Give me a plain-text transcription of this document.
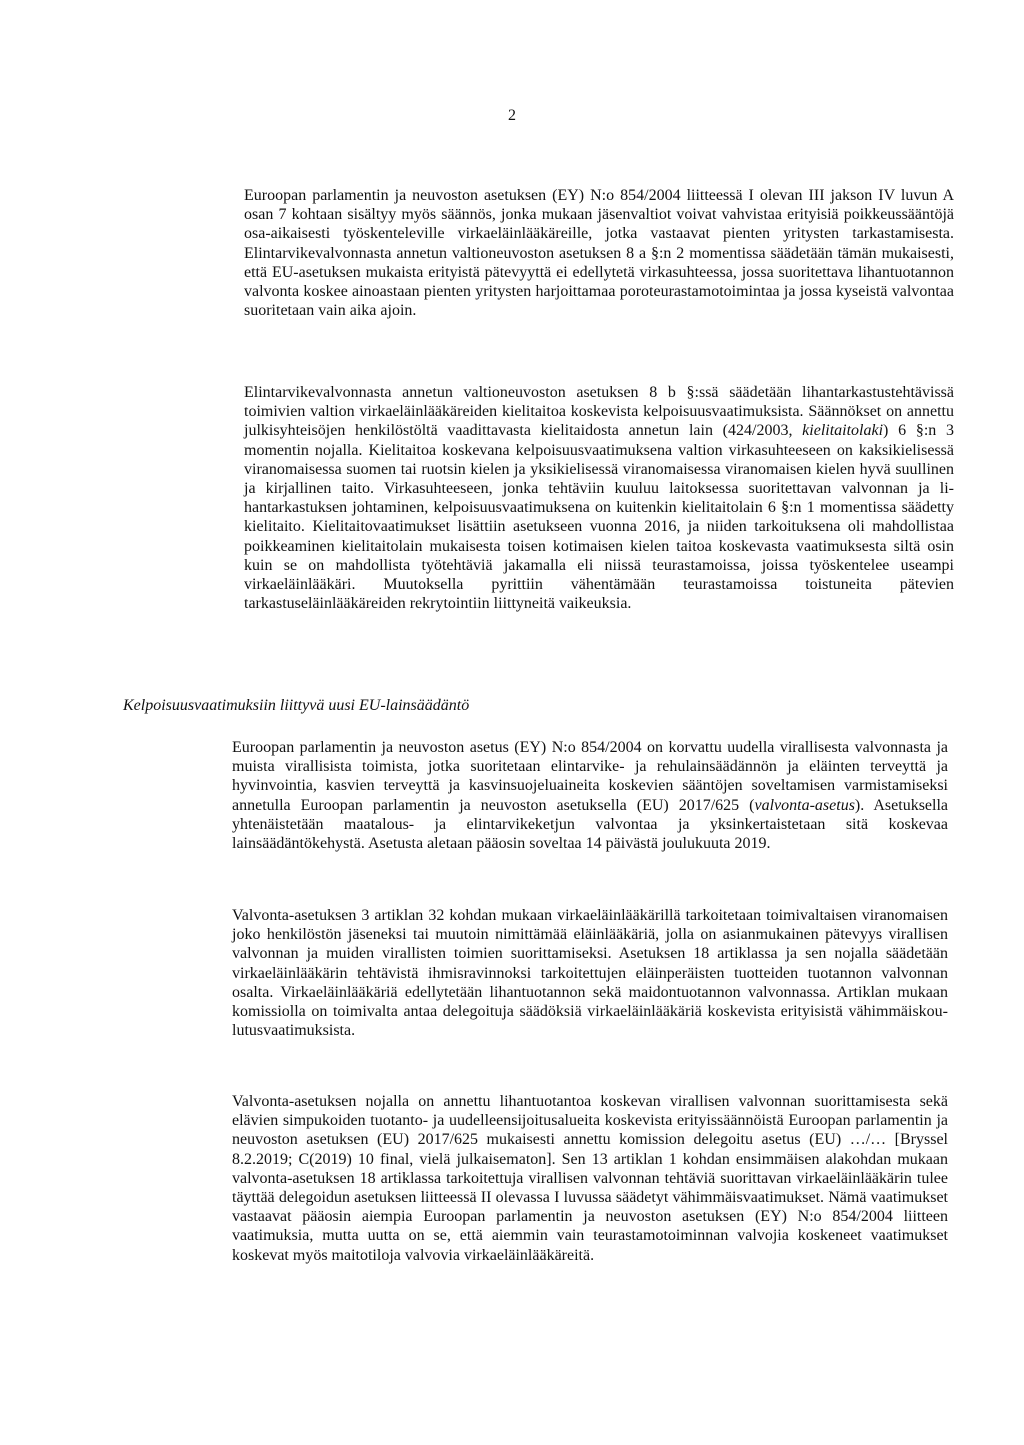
2

Euroopan parlamentin ja neuvoston asetuksen (EY) N:o 854/2004 liitteessä I olevan III jakson IV luvun A osan 7 kohtaan sisältyy myös säännös, jonka mukaan jäsenvaltiot voivat vahvistaa erityisiä poikkeussääntöjä osa-aikaisesti työskenteleville virkaeläinlääkäreille, jotka vastaavat pienten yritysten tarkastamisesta. Elintarvikevalvonnasta annetun valtioneuvoston asetuksen 8 a §:n 2 momentissa säädetään tämän mukaisesti, että EU-asetuksen mukaista erityistä pätevyyttä ei edellytetä virkasuhteessa, jossa suoritettava lihantuotannon valvonta koskee ainoastaan pienten yritysten harjoittamaa poroteurastamotoimintaa ja jossa kyseistä valvontaa suoritetaan vain aika ajoin.

Elintarvikevalvonnasta annetun valtioneuvoston asetuksen 8 b §:ssä säädetään lihantarkastustehtävissä toimivien valtion virkaeläinlääkäreiden kielitaitoa koskevista kelpoisuusvaatimuksista. Säännökset on annettu julkisyhteisöjen henkilöstöltä vaadittavasta kielitaidosta annetun lain (424/2003, kielitaitolaki) 6 §:n 3 momentin nojalla. Kielitaitoa koskevana kelpoisuusvaatimuksena valtion virkasuhteeseen on kaksikielisessä viranomaisessa suomen tai ruotsin kielen ja yksikielisessä viranomaisessa viranomaisen kielen hyvä suullinen ja kirjallinen taito. Virkasuhteeseen, jonka tehtäviin kuuluu laitoksessa suoritettavan valvonnan ja lihantarkastuksen johtaminen, kelpoisuusvaatimuksena on kuitenkin kielitaitolain 6 §:n 1 momentissa säädetty kielitaito. Kielitaitovaatimukset lisättiin asetukseen vuonna 2016, ja niiden tarkoituksena oli mahdollistaa poikkeaminen kielitaitolain mukaisesta toisen kotimaisen kielen taitoa koskevasta vaatimuksesta siltä osin kuin se on mahdollista työtehtäviä jakamalla eli niissä teurastamoissa, joissa työskentelee useampi virkaeläinlääkäri. Muutoksella pyrittiin vähentämään teurastamoissa toistuneita pätevien tarkastuseläinlääkäreiden rekrytointiin liittyneitä vaikeuksia.

Kelpoisuusvaatimuksiin liittyvä uusi EU-lainsäädäntö

Euroopan parlamentin ja neuvoston asetus (EY) N:o 854/2004 on korvattu uudella virallisesta valvonnasta ja muista virallisista toimista, jotka suoritetaan elintarvike- ja rehulainsäädännön ja eläinten terveyttä ja hyvinvointia, kasvien terveyttä ja kasvinsuojeluaineita koskevien sääntöjen soveltamisen varmistamiseksi annetulla Euroopan parlamentin ja neuvoston asetuksella (EU) 2017/625 (valvonta-asetus). Asetuksella yhtenäistetään maatalous- ja elintarvikeketjun valvontaa ja yksinkertaistetaan sitä koskevaa lainsäädäntökehystä. Asetusta aletaan pääosin soveltaa 14 päivästä joulukuuta 2019.

Valvonta-asetuksen 3 artiklan 32 kohdan mukaan virkaeläinlääkärillä tarkoitetaan toimivaltaisen viranomaisen joko henkilöstön jäseneksi tai muutoin nimittämää eläinlääkäriä, jolla on asianmukainen pätevyys virallisen valvonnan ja muiden virallisten toimien suorittamiseksi. Asetuksen 18 artiklassa ja sen nojalla säädetään virkaeläinlääkärin tehtävistä ihmisravinnoksi tarkoitettujen eläinperäisten tuotteiden tuotannon valvonnan osalta. Virkaeläinlääkäriä edellytetään lihantuotannon sekä maidontuotannon valvonnassa. Artiklan mukaan komissiolla on toimivalta antaa delegoituja säädöksiä virkaeläinlääkäriä koskevista erityisistä vähimmäiskoulutusvaatimuksista.

Valvonta-asetuksen nojalla on annettu lihantuotantoa koskevan virallisen valvonnan suorittamisesta sekä elävien simpukoiden tuotanto- ja uudelleensijoitusalueita koskevista erityissäännöistä Euroopan parlamentin ja neuvoston asetuksen (EU) 2017/625 mukaisesti annettu komission delegoitu asetus (EU) …/… [Bryssel 8.2.2019; C(2019) 10 final, vielä julkaisematon]. Sen 13 artiklan 1 kohdan ensimmäisen alakohdan mukaan valvonta-asetuksen 18 artiklassa tarkoitettuja virallisen valvonnan tehtäviä suorittavan virkaeläinlääkärin tulee täyttää delegoidun asetuksen liitteessä II olevassa I luvussa säädetyt vähimmäisvaatimukset. Nämä vaatimukset vastaavat pääosin aiempia Euroopan parlamentin ja neuvoston asetuksen (EY) N:o 854/2004 liitteen vaatimuksia, mutta uutta on se, että aiemmin vain teurastamotoiminnan valvojia koskeneet vaatimukset koskevat myös maitotiloja valvovia virkaeläinlääkäreitä.
